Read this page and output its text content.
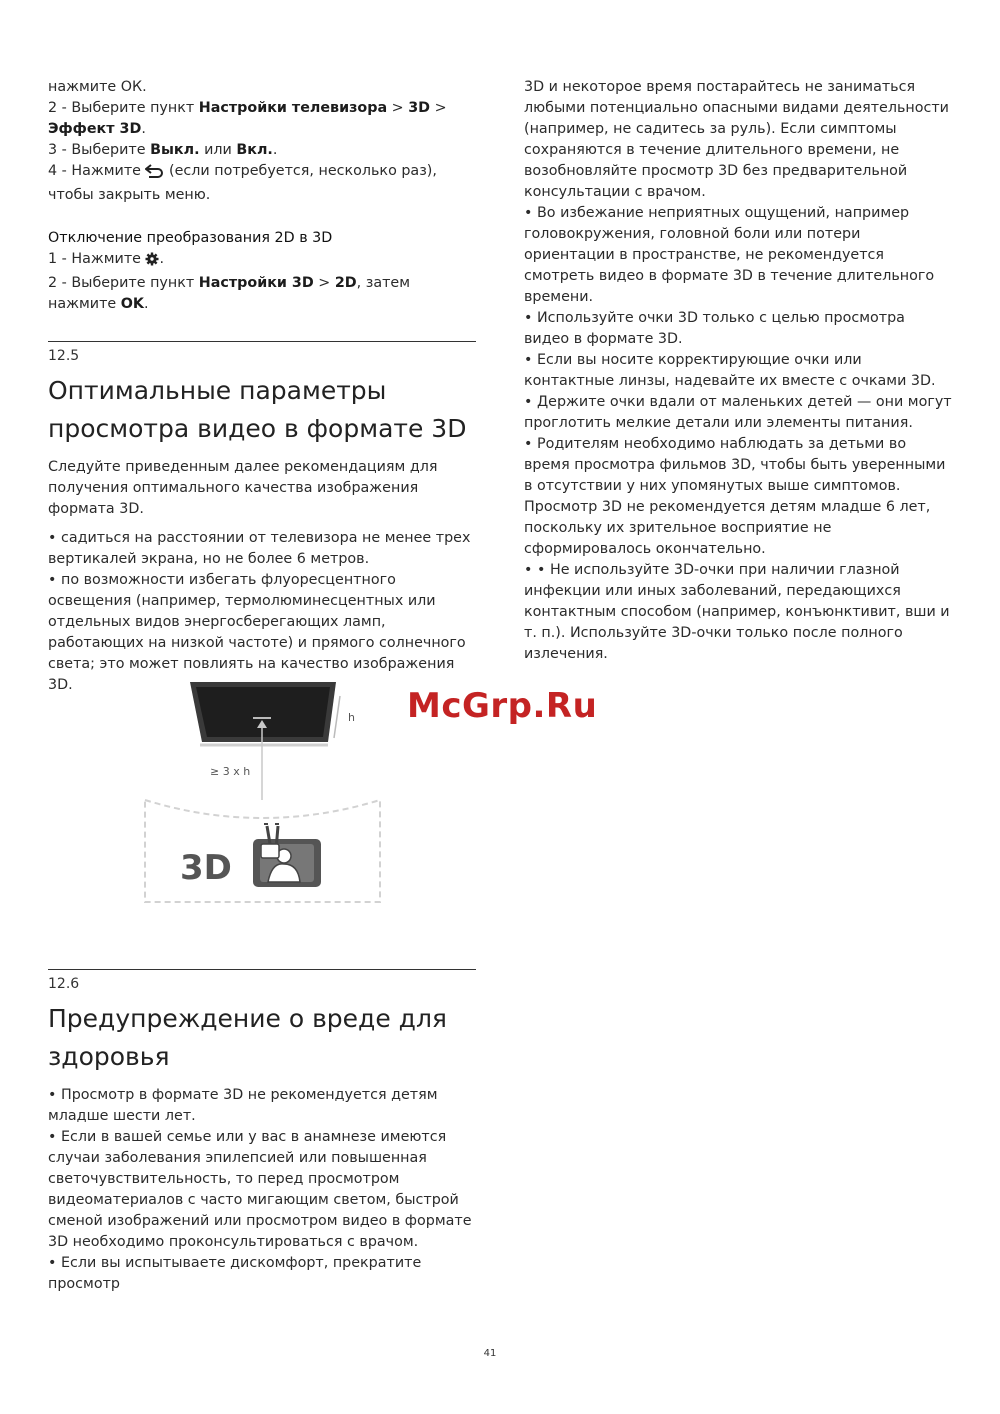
нажмите ОК.

2 - Выберите пункт Настройки телевизора > 3D > Эффект 3D.

3 - Выберите Выкл. или Вкл..

4 - Нажмите  (если потребуется, несколько раз), чтобы закрыть меню.

Отключение преобразования 2D в 3D

1 - Нажмите .

2 - Выберите пункт Настройки 3D > 2D, затем нажмите OK.

12.5
Оптимальные параметры просмотра видео в формате 3D

Следуйте приведенным далее рекомендациям для получения оптимального качества изображения формата 3D.

• садиться на расстоянии от телевизора не менее трех вертикалей экрана, но не более 6 метров.

• по возможности избегать флуоресцентного освещения (например, термолюминесцентных или отдельных видов энергосберегающих ламп, работающих на низкой частоте) и прямого солнечного света; это может повлиять на качество изображения 3D.

h
≥ 3 x h
3D
McGrp.Ru
12.6
Предупреждение о вреде для здоровья

• Просмотр в формате 3D не рекомендуется детям младше шести лет.

• Если в вашей семье или у вас в анамнезе имеются случаи заболевания эпилепсией или повышенная светочувствительность, то перед просмотром видеоматериалов с часто мигающим светом, быстрой сменой изображений или просмотром видео в формате 3D необходимо проконсультироваться с врачом.

• Если вы испытываете дискомфорт, прекратите просмотр

3D и некоторое время постарайтесь не заниматься любыми потенциально опасными видами деятельности (например, не садитесь за руль). Если симптомы сохраняются в течение длительного времени, не возобновляйте просмотр 3D без предварительной консультации с врачом.

• Во избежание неприятных ощущений, например головокружения, головной боли или потери ориентации в пространстве, не рекомендуется смотреть видео в формате 3D в течение длительного времени.

• Используйте очки 3D только с целью просмотра видео в формате 3D.

• Если вы носите корректирующие очки или контактные линзы, надевайте их вместе с очками 3D.

• Держите очки вдали от маленьких детей — они могут проглотить мелкие детали или элементы питания.

• Родителям необходимо наблюдать за детьми во время просмотра фильмов 3D, чтобы быть уверенными в отсутствии у них упомянутых выше симптомов. Просмотр 3D не рекомендуется детям младше 6 лет, поскольку их зрительное восприятие не сформировалось окончательно.

• • Не используйте 3D-очки при наличии глазной инфекции или иных заболеваний, передающихся контактным способом (например, конъюнктивит, вши и т. п.). Используйте 3D-очки только после полного излечения.

41
